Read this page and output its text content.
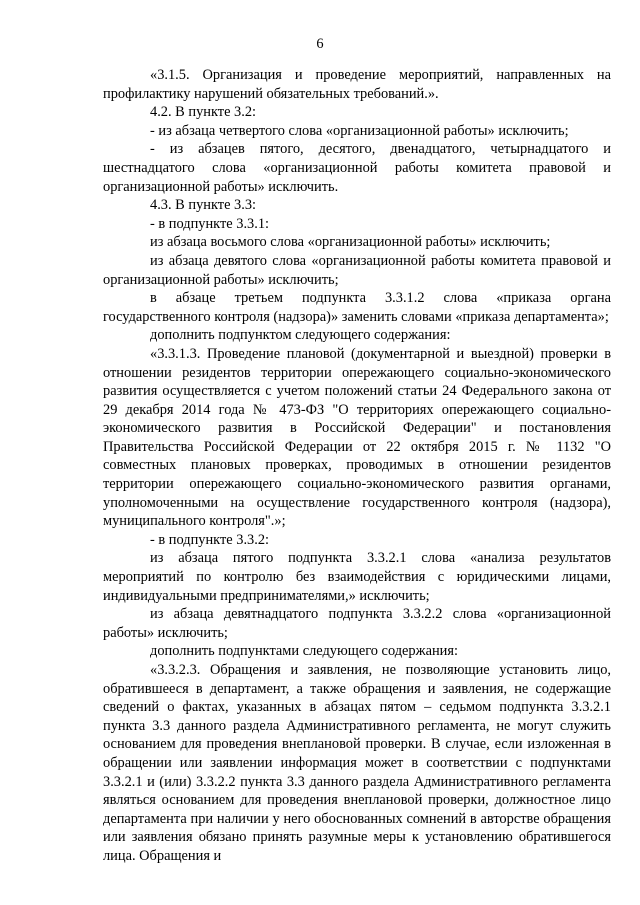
6

«3.1.5. Организация и проведение мероприятий, направленных на профилактику нарушений обязательных требований.».

4.2. В пункте 3.2:

- из абзаца четвертого слова «организационной работы» исключить;

- из абзацев пятого, десятого, двенадцатого, четырнадцатого и шестнадцатого слова «организационной работы комитета правовой и организационной работы» исключить.

4.3. В пункте 3.3:

- в подпункте 3.3.1:

из абзаца восьмого слова «организационной работы» исключить;

из абзаца девятого слова «организационной работы комитета правовой и организационной работы» исключить;

в абзаце третьем подпункта 3.3.1.2 слова «приказа органа государственного контроля (надзора)» заменить словами «приказа департамента»;

дополнить подпунктом следующего содержания:

«3.3.1.3. Проведение плановой (документарной и выездной) проверки в отношении резидентов территории опережающего социально-экономического развития осуществляется с учетом положений статьи 24 Федерального закона от 29 декабря 2014 года № 473-ФЗ "О территориях опережающего социально-экономического развития в Российской Федерации" и постановления Правительства Российской Федерации от 22 октября 2015 г. № 1132 "О совместных плановых проверках, проводимых в отношении резидентов территории опережающего социально-экономического развития органами, уполномоченными на осуществление государственного контроля (надзора), муниципального контроля".»;

- в подпункте 3.3.2:

из абзаца пятого подпункта 3.3.2.1 слова «анализа результатов мероприятий по контролю без взаимодействия с юридическими лицами, индивидуальными предпринимателями,» исключить;

из абзаца девятнадцатого подпункта 3.3.2.2 слова «организационной работы» исключить;

дополнить подпунктами следующего содержания:

«3.3.2.3. Обращения и заявления, не позволяющие установить лицо, обратившееся в департамент, а также обращения и заявления, не содержащие сведений о фактах, указанных в абзацах пятом – седьмом подпункта 3.3.2.1 пункта 3.3 данного раздела Административного регламента, не могут служить основанием для проведения внеплановой проверки. В случае, если изложенная в обращении или заявлении информация может в соответствии с подпунктами 3.3.2.1 и (или) 3.3.2.2 пункта 3.3 данного раздела Административного регламента являться основанием для проведения внеплановой проверки, должностное лицо департамента при наличии у него обоснованных сомнений в авторстве обращения или заявления обязано принять разумные меры к установлению обратившегося лица. Обращения и
